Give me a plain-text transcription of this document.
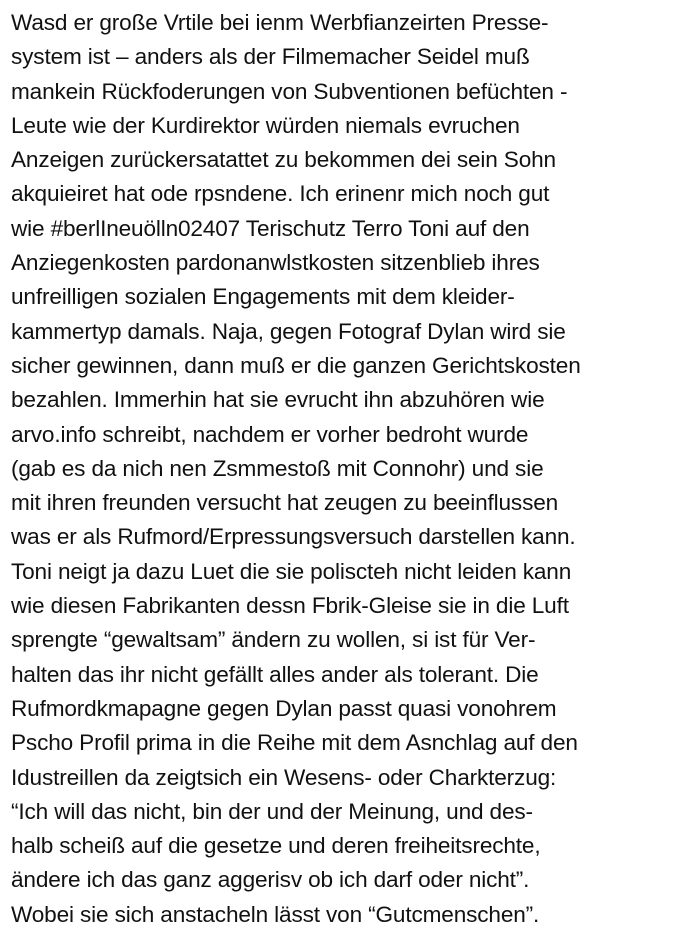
Wasd er große Vrtile bei ienm Werbfianzeirten Presse-
system ist – anders als der Filmemacher Seidel muß
mankein Rückfoderungen von Subventionen befüchten -
Leute wie der Kurdirektor würden niemals evruchen
Anzeigen zurückersatattet zu bekommen dei sein Sohn
akquieiret hat ode rpsndene. Ich erinenr mich noch gut
wie #berlIneuölln02407 Terischutz Terro Toni auf den
Anziegenkosten pardonanwlstkosten sitzenblieb ihres
unfreilligen sozialen Engagements mit dem kleider-
kammertyp damals. Naja, gegen Fotograf Dylan wird sie
sicher gewinnen, dann muß er die ganzen Gerichtskosten
bezahlen. Immerhin hat sie evrucht ihn abzuhören wie
arvo.info schreibt, nachdem er vorher bedroht wurde
(gab es da nich nen Zsmmestoß mit Connohr) und sie
mit ihren freunden versucht hat zeugen zu beeinflussen
was er als Rufmord/Erpressungsversuch darstellen kann.
Toni neigt ja dazu Luet die sie poliscteh nicht leiden kann
wie diesen Fabrikanten dessn Fbrik-Gleise sie in die Luft
sprengte “gewaltsam” ändern zu wollen, si ist für Ver-
halten das ihr nicht gefällt alles ander als tolerant. Die
Rufmordkmapagne gegen Dylan passt quasi vonohrem
Pscho Profil prima in die Reihe mit dem Asnchlag auf den
Idustreillen da zeigtsich ein Wesens- oder Charkterzug:
“Ich will das nicht, bin der und der Meinung, und des-
halb scheiß auf die gesetze und deren freiheitsrechte,
ändere ich das ganz aggerisv ob ich darf oder nicht”.
Wobei sie sich anstacheln lässt von “Gutcmenschen”.
